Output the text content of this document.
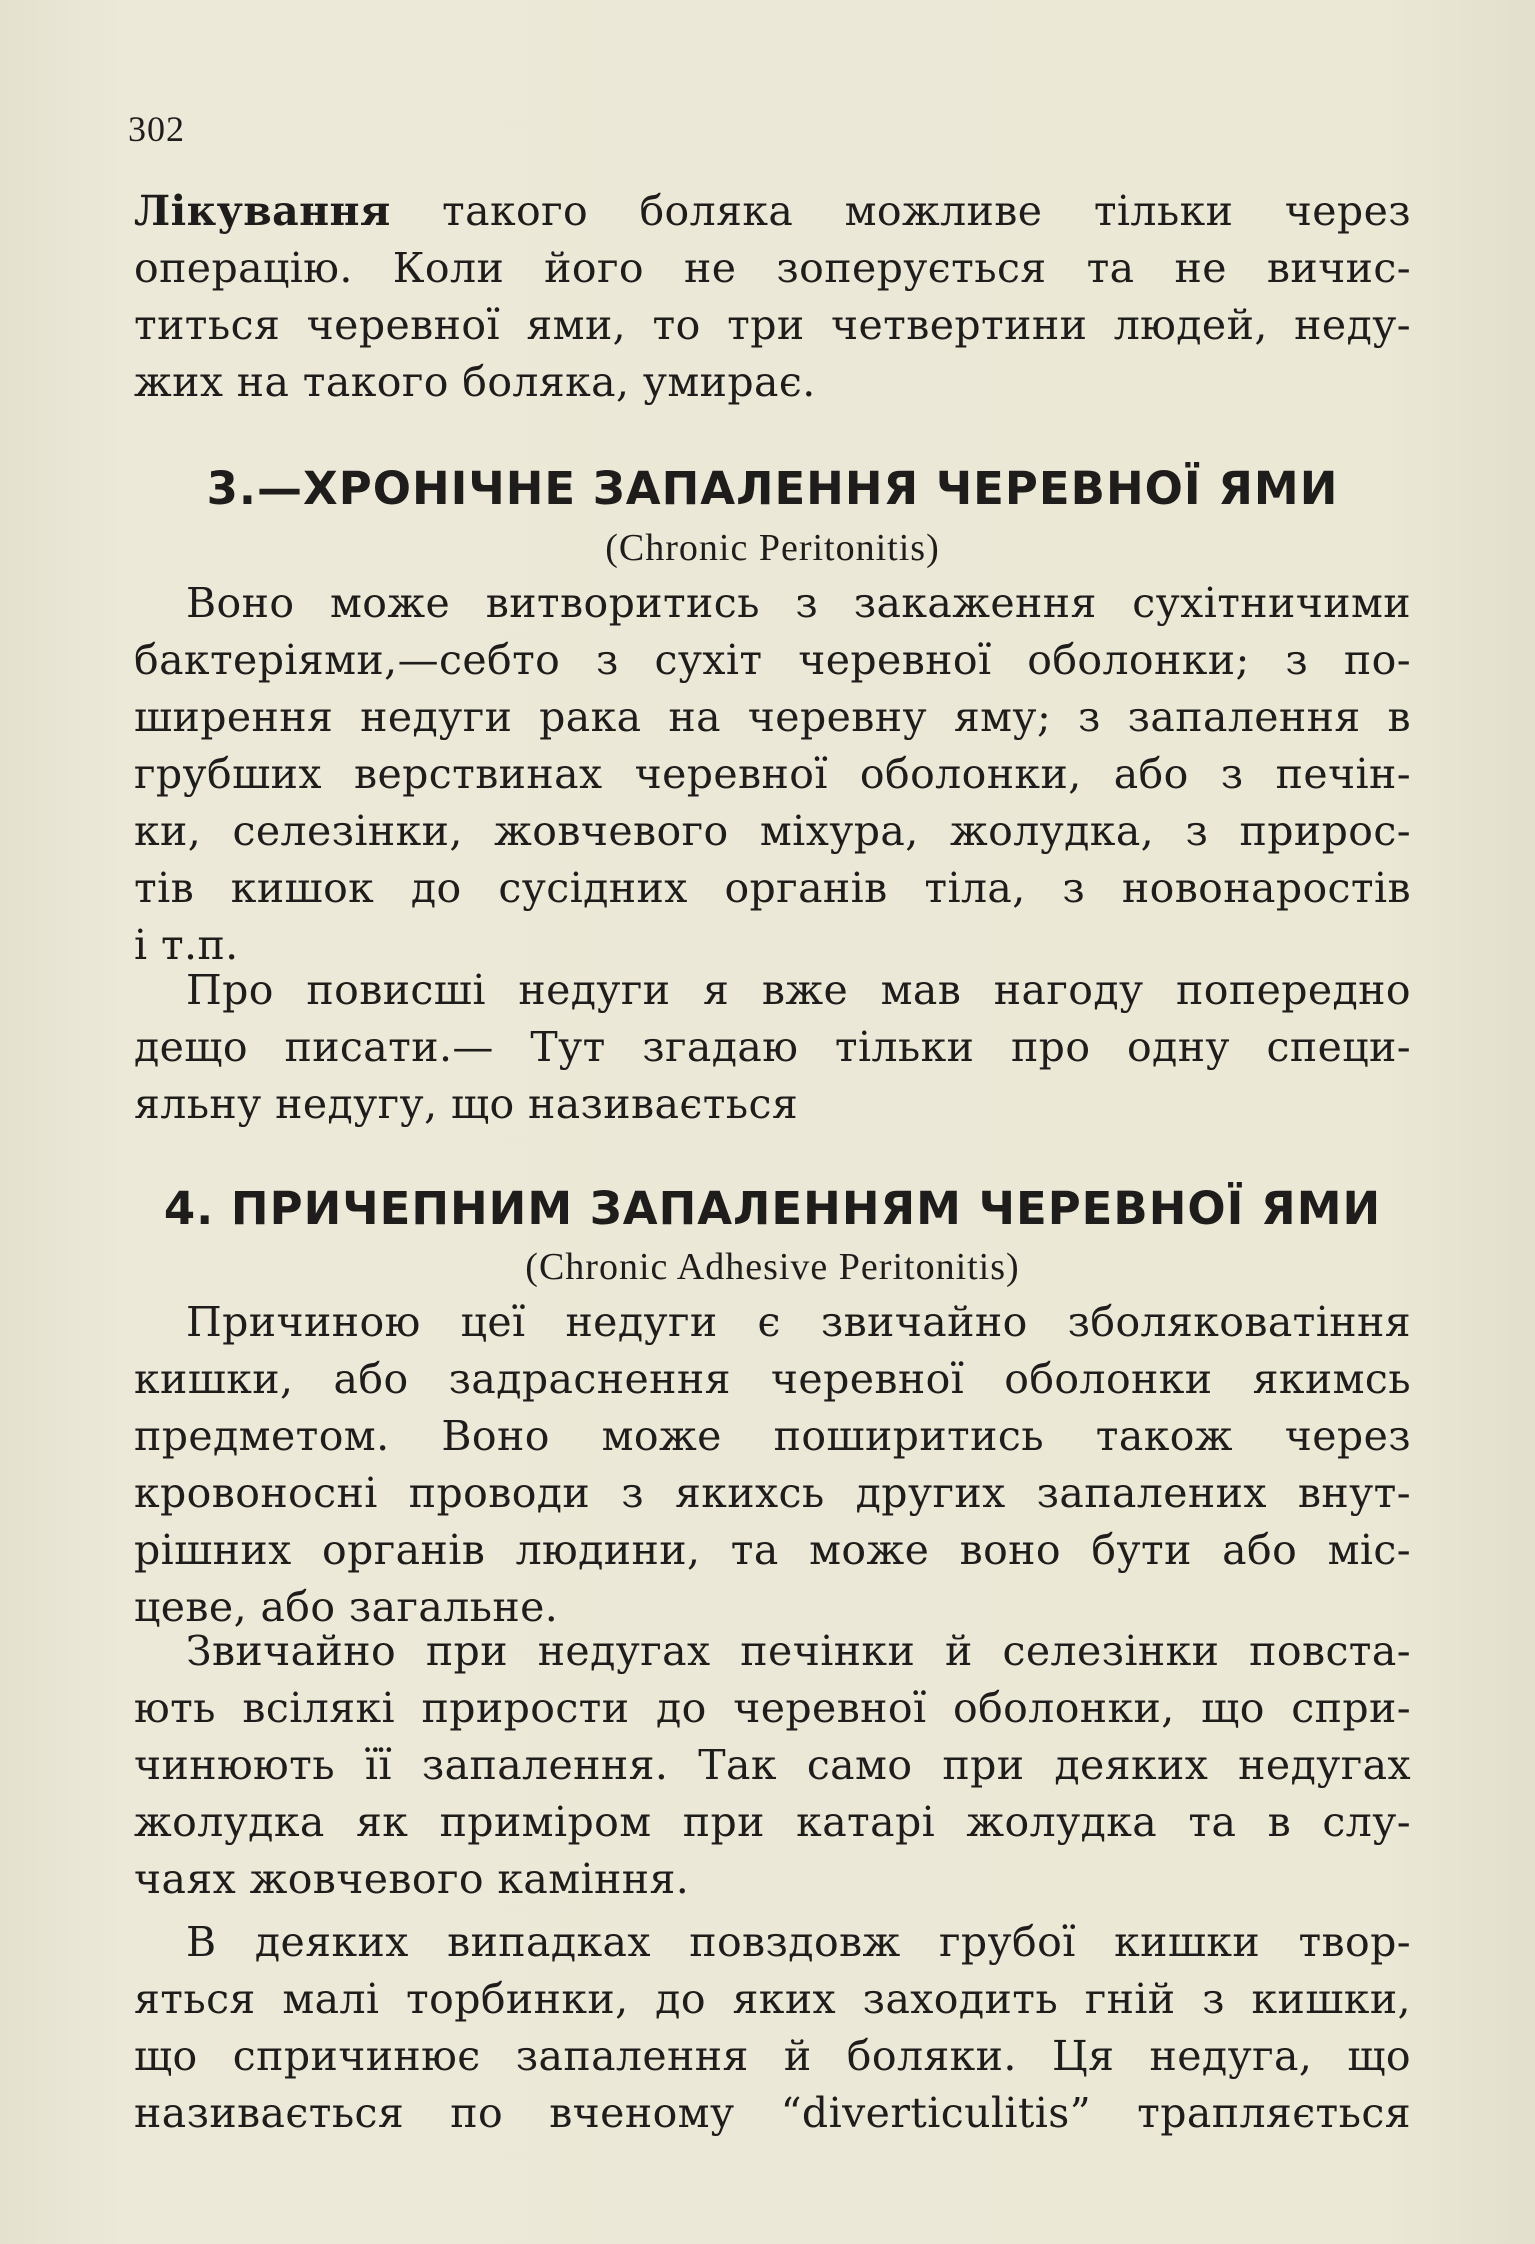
302

Лікування такого боляка можливе тільки через
операцію. Коли його не зоперується та не вичис-
титься черевної ями, то три четвертини людей, неду-
жих на такого боляка, умирає.

3.—ХРОНІЧНЕ ЗАПАЛЕННЯ ЧЕРЕВНОЇ ЯМИ
(Chronic Peritonitis)

Воно може витворитись з закаження сухітничими
бактеріями,—себто з сухіт черевної оболонки; з по-
ширення недуги рака на черевну яму; з запалення в
грубших верствинах черевної оболонки, або з печін-
ки, селезінки, жовчевого міхура, жолудка, з прирос-
тів кишок до сусідних органів тіла, з новонаростів
і т.п.

Про повисші недуги я вже мав нагоду попередно
дещо писати.— Тут згадаю тільки про одну специ-
яльну недугу, що називається

4. ПРИЧЕПНИМ ЗАПАЛЕННЯМ ЧЕРЕВНОЇ ЯМИ
(Chronic Adhesive Peritonitis)

Причиною цеї недуги є звичайно зболяковатіння
кишки, або задраснення черевної оболонки якимсь
предметом. Воно може поширитись також через
кровоносні проводи з якихсь других запалених внут-
рішних органів людини, та може воно бути або міс-
цеве, або загальне.

Звичайно при недугах печінки й селезінки повста-
ють всілякі прирости до черевної оболонки, що спри-
чинюють її запалення. Так само при деяких недугах
жолудка як приміром при катарі жолудка та в слу-
чаях жовчевого каміння.

В деяких випадках повздовж грубої кишки твор-
яться малі торбинки, до яких заходить гній з кишки,
що спричинює запалення й боляки. Ця недуга, що
називається по вченому “diverticulitis” трапляється
